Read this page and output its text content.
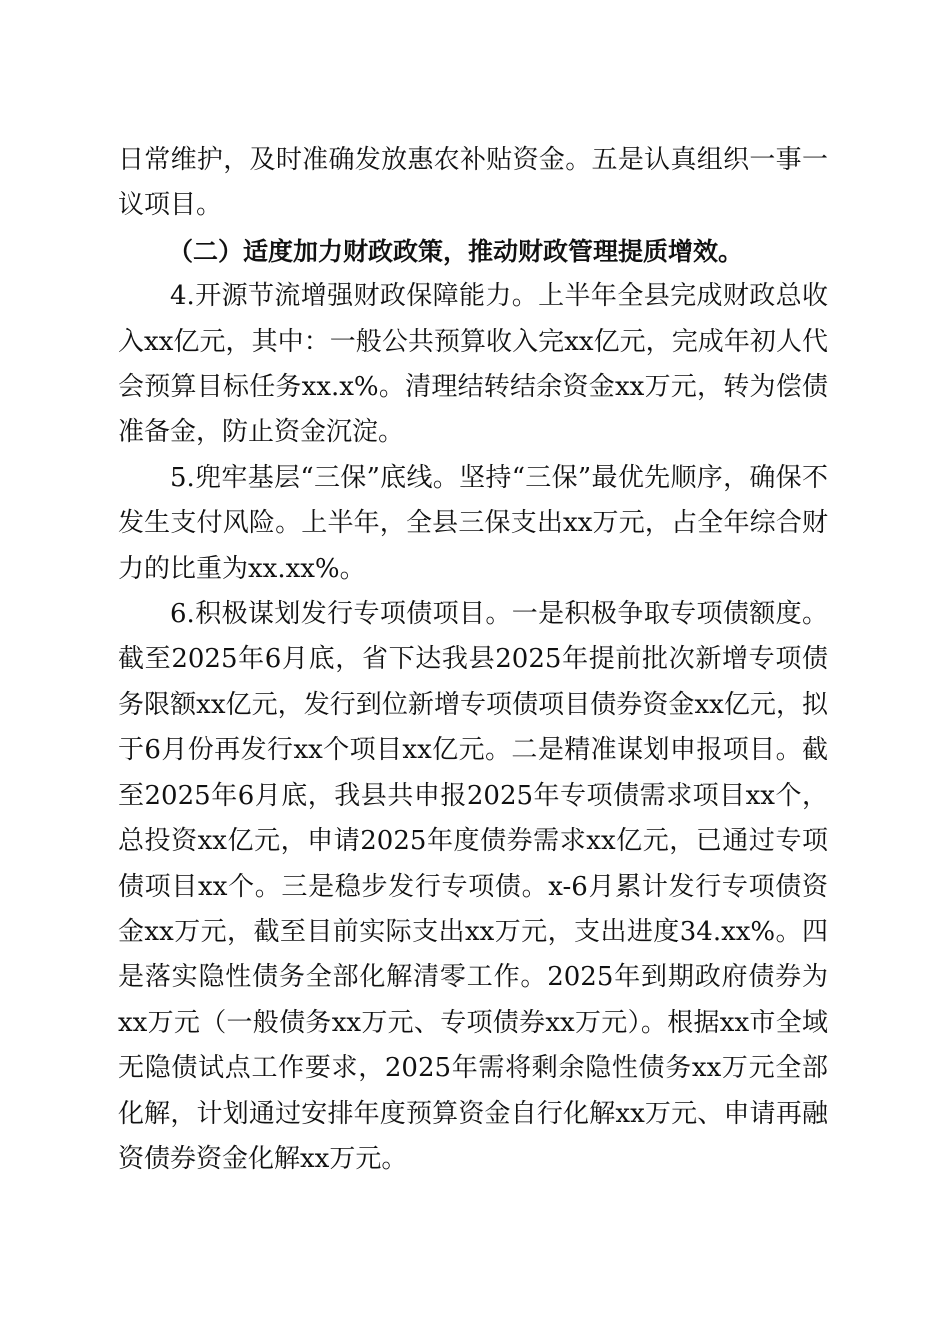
日常维护，及时准确发放惠农补贴资金。五是认真组织一事一议项目。

（二）适度加力财政政策，推动财政管理提质增效。

4.开源节流增强财政保障能力。上半年全县完成财政总收入xx亿元，其中：一般公共预算收入完xx亿元，完成年初人代会预算目标任务xx.x%。清理结转结余资金xx万元，转为偿债准备金，防止资金沉淀。

5.兜牢基层“三保”底线。坚持“三保”最优先顺序，确保不发生支付风险。上半年，全县三保支出xx万元，占全年综合财力的比重为xx.xx%。

6.积极谋划发行专项债项目。一是积极争取专项债额度。截至2025年6月底，省下达我县2025年提前批次新增专项债务限额xx亿元，发行到位新增专项债项目债券资金xx亿元，拟于6月份再发行xx个项目xx亿元。二是精准谋划申报项目。截至2025年6月底，我县共申报2025年专项债需求项目xx个，总投资xx亿元，申请2025年度债券需求xx亿元，已通过专项债项目xx个。三是稳步发行专项债。x-6月累计发行专项债资金xx万元，截至目前实际支出xx万元，支出进度34.xx%。四是落实隐性债务全部化解清零工作。2025年到期政府债券为xx万元（一般债务xx万元、专项债券xx万元）。根据xx市全域无隐债试点工作要求，2025年需将剩余隐性债务xx万元全部化解，计划通过安排年度预算资金自行化解xx万元、申请再融资债券资金化解xx万元。
